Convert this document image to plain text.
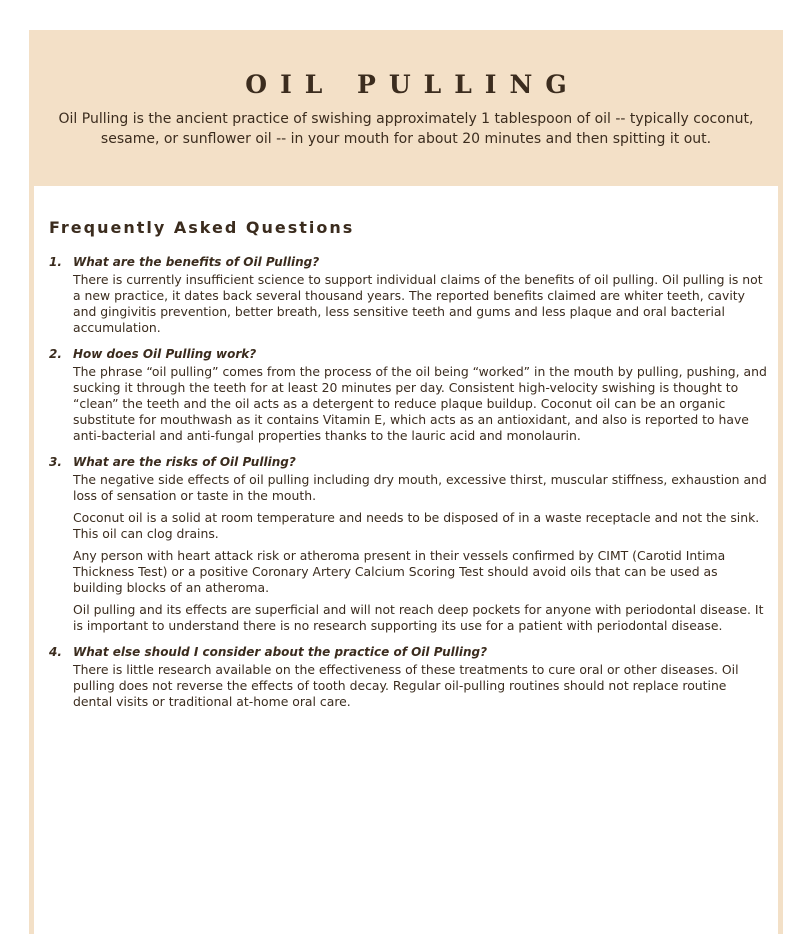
OIL PULLING

Oil Pulling is the ancient practice of swishing approximately 1 tablespoon of oil -- typically coconut, sesame, or sunflower oil -- in your mouth for about 20 minutes and then spitting it out.

Frequently Asked Questions
1. What are the benefits of Oil Pulling?

There is currently insufficient science to support individual claims of the benefits of oil pulling. Oil pulling is not a new practice, it dates back several thousand years. The reported benefits claimed are whiter teeth, cavity and gingivitis prevention, better breath, less sensitive teeth and gums and less plaque and oral bacterial accumulation.

2. How does Oil Pulling work?

The phrase “oil pulling” comes from the process of the oil being “worked” in the mouth by pulling, pushing, and sucking it through the teeth for at least 20 minutes per day. Consistent high-velocity swishing is thought to “clean” the teeth and the oil acts as a detergent to reduce plaque buildup. Coconut oil can be an organic substitute for mouthwash as it contains Vitamin E, which acts as an antioxidant, and also is reported to have anti-bacterial and anti-fungal properties thanks to the lauric acid and monolaurin.

3. What are the risks of Oil Pulling?

The negative side effects of oil pulling including dry mouth, excessive thirst, muscular stiffness, exhaustion and loss of sensation or taste in the mouth.

Coconut oil is a solid at room temperature and needs to be disposed of in a waste receptacle and not the sink. This oil can clog drains.

Any person with heart attack risk or atheroma present in their vessels confirmed by CIMT (Carotid Intima Thickness Test) or a positive Coronary Artery Calcium Scoring Test should avoid oils that can be used as building blocks of an atheroma.

Oil pulling and its effects are superficial and will not reach deep pockets for anyone with periodontal disease. It is important to understand there is no research supporting its use for a patient with periodontal disease.

4. What else should I consider about the practice of Oil Pulling?

There is little research available on the effectiveness of these treatments to cure oral or other diseases. Oil pulling does not reverse the effects of tooth decay. Regular oil-pulling routines should not replace routine dental visits or traditional at-home oral care.
